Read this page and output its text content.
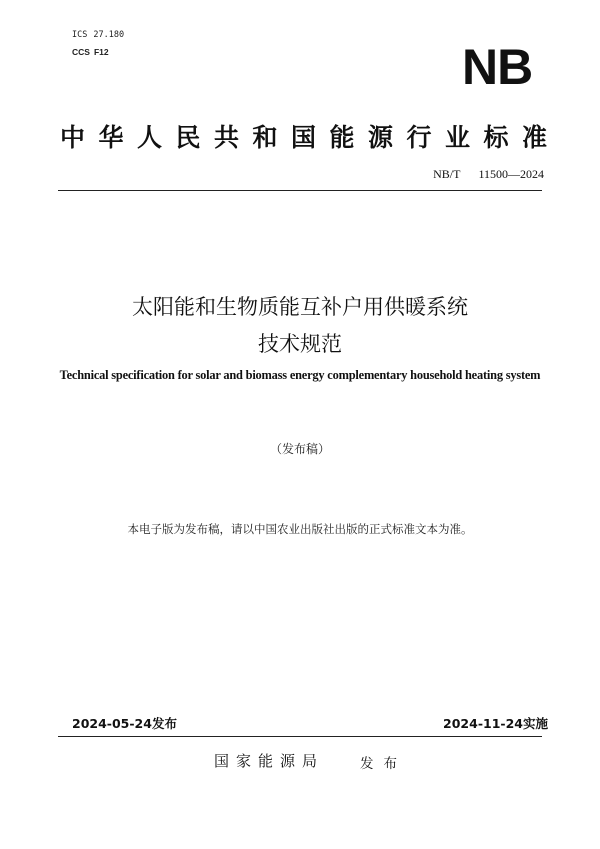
ICS 27.180
CCS F12	NB
中华人民共和国能源行业标准
NB/T 11500—2024
太阳能和生物质能互补户用供暖系统
技术规范
Technical specification for solar and biomass energy complementary household heating system
（发布稿）
本电子版为发布稿，请以中国农业出版社出版的正式标准文本为准。
2024-05-24发布	2024-11-24实施
国家能源局	发布
